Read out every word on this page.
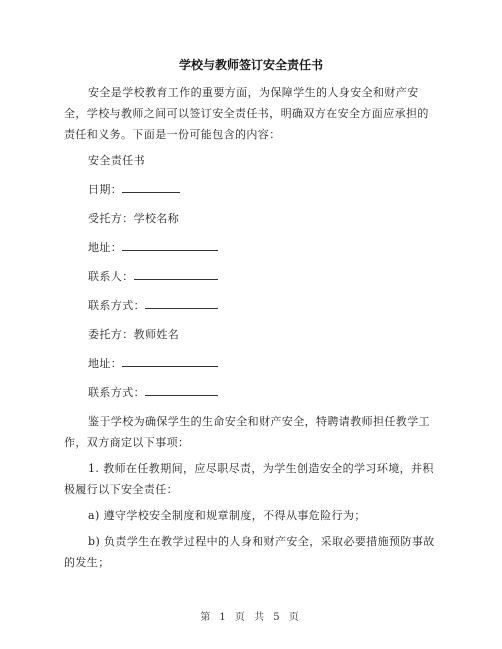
学校与教师签订安全责任书

安全是学校教育工作的重要方面，为保障学生的人身安全和财产安全，学校与教师之间可以签订安全责任书，明确双方在安全方面应承担的责任和义务。下面是一份可能包含的内容：

安全责任书
日期：
受托方：学校名称
地址：
联系人：
联系方式：
委托方：教师姓名
地址：
联系方式：

鉴于学校为确保学生的生命安全和财产安全，特聘请教师担任教学工作，双方商定以下事项：

1. 教师在任教期间，应尽职尽责，为学生创造安全的学习环境，并积极履行以下安全责任：

a) 遵守学校安全制度和规章制度，不得从事危险行为；

b) 负责学生在教学过程中的人身和财产安全，采取必要措施预防事故的发生；

第 1 页 共 5 页
